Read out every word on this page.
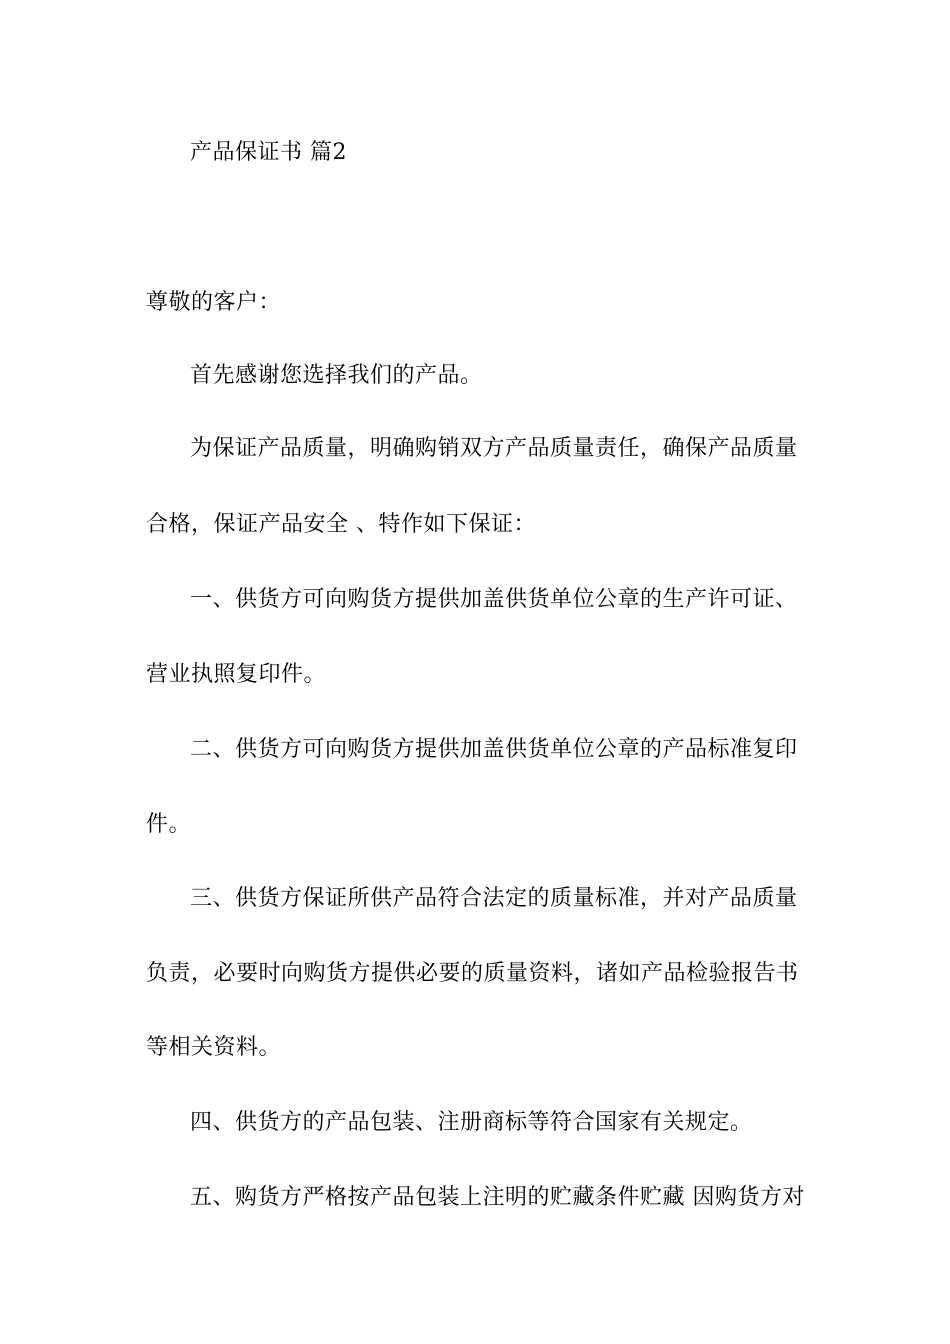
产品保证书 篇2
尊敬的客户：
首先感谢您选择我们的产品。
为保证产品质量，明确购销双方产品质量责任，确保产品质量
合格，保证产品安全 、特作如下保证：
一、供货方可向购货方提供加盖供货单位公章的生产许可证、
营业执照复印件。
二、供货方可向购货方提供加盖供货单位公章的产品标准复印
件。
三、供货方保证所供产品符合法定的质量标准，并对产品质量
负责，必要时向购货方提供必要的质量资料，诸如产品检验报告书
等相关资料。
四、供货方的产品包装、注册商标等符合国家有关规定。
五、购货方严格按产品包装上注明的贮藏条件贮藏 因购货方对
